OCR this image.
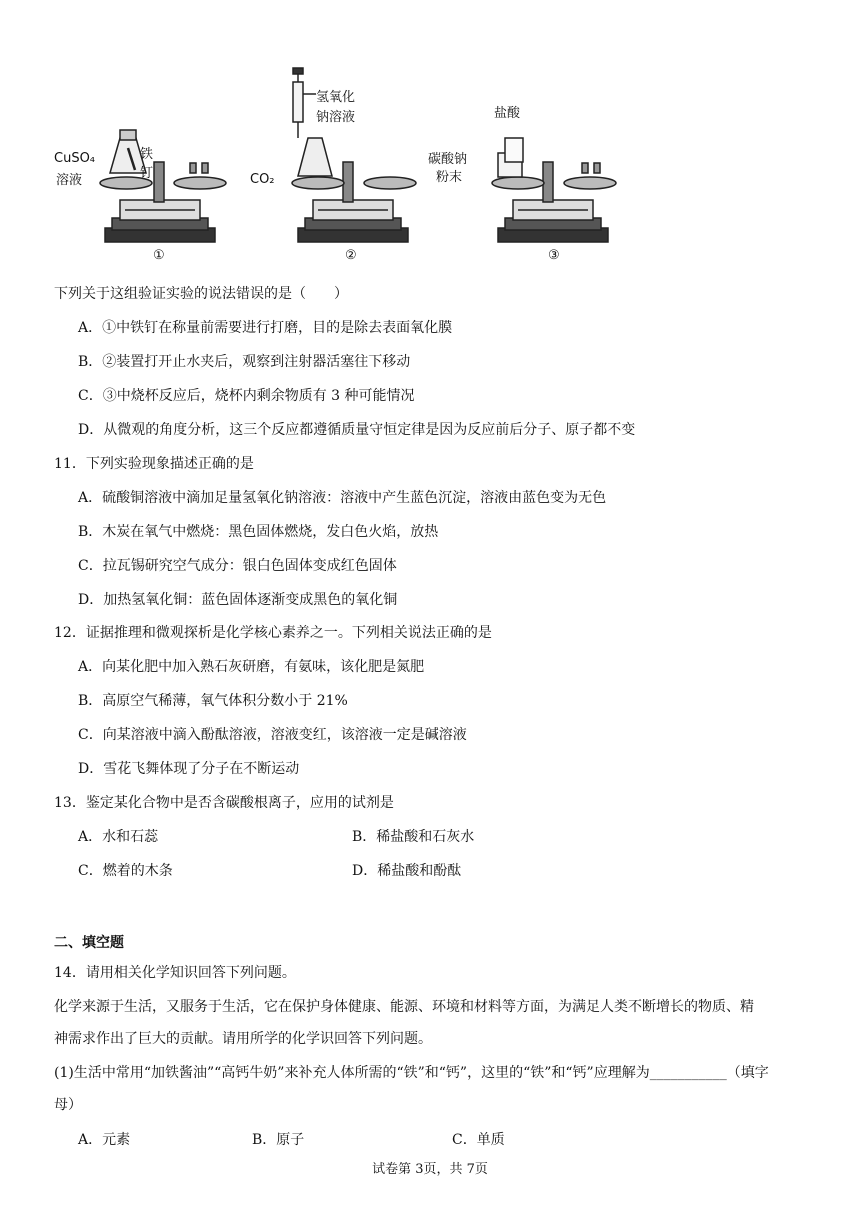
CuSO₄
溶液
铁
钉
氢氧化
钠溶液
CO₂
盐酸
碳酸钠
粉末
①	②	③
下列关于这组验证实验的说法错误的是（　　）
A．①中铁钉在称量前需要进行打磨，目的是除去表面氧化膜
B．②装置打开止水夹后，观察到注射器活塞往下移动
C．③中烧杯反应后，烧杯内剩余物质有 3 种可能情况
D．从微观的角度分析，这三个反应都遵循质量守恒定律是因为反应前后分子、原子都不变
11．下列实验现象描述正确的是
A．硫酸铜溶液中滴加足量氢氧化钠溶液：溶液中产生蓝色沉淀，溶液由蓝色变为无色
B．木炭在氧气中燃烧：黑色固体燃烧，发白色火焰，放热
C．拉瓦锡研究空气成分：银白色固体变成红色固体
D．加热氢氧化铜：蓝色固体逐渐变成黑色的氧化铜
12．证据推理和微观探析是化学核心素养之一。下列相关说法正确的是
A．向某化肥中加入熟石灰研磨，有氨味，该化肥是氮肥
B．高原空气稀薄，氧气体积分数小于 21%
C．向某溶液中滴入酚酞溶液，溶液变红，该溶液一定是碱溶液
D．雪花飞舞体现了分子在不断运动
13．鉴定某化合物中是否含碳酸根离子，应用的试剂是
A．水和石蕊	B．稀盐酸和石灰水
C．燃着的木条	D．稀盐酸和酚酞
二、填空题
14．请用相关化学知识回答下列问题。
化学来源于生活，又服务于生活，它在保护身体健康、能源、环境和材料等方面，为满足人类不断增长的物质、精
神需求作出了巨大的贡献。请用所学的化学识回答下列问题。
(1)生活中常用“加铁酱油”“高钙牛奶”来补充人体所需的“铁”和“钙”，这里的“铁”和“钙”应理解为___________（填字
母）
A．元素	B．原子	C．单质
试卷第 3页，共 7页
